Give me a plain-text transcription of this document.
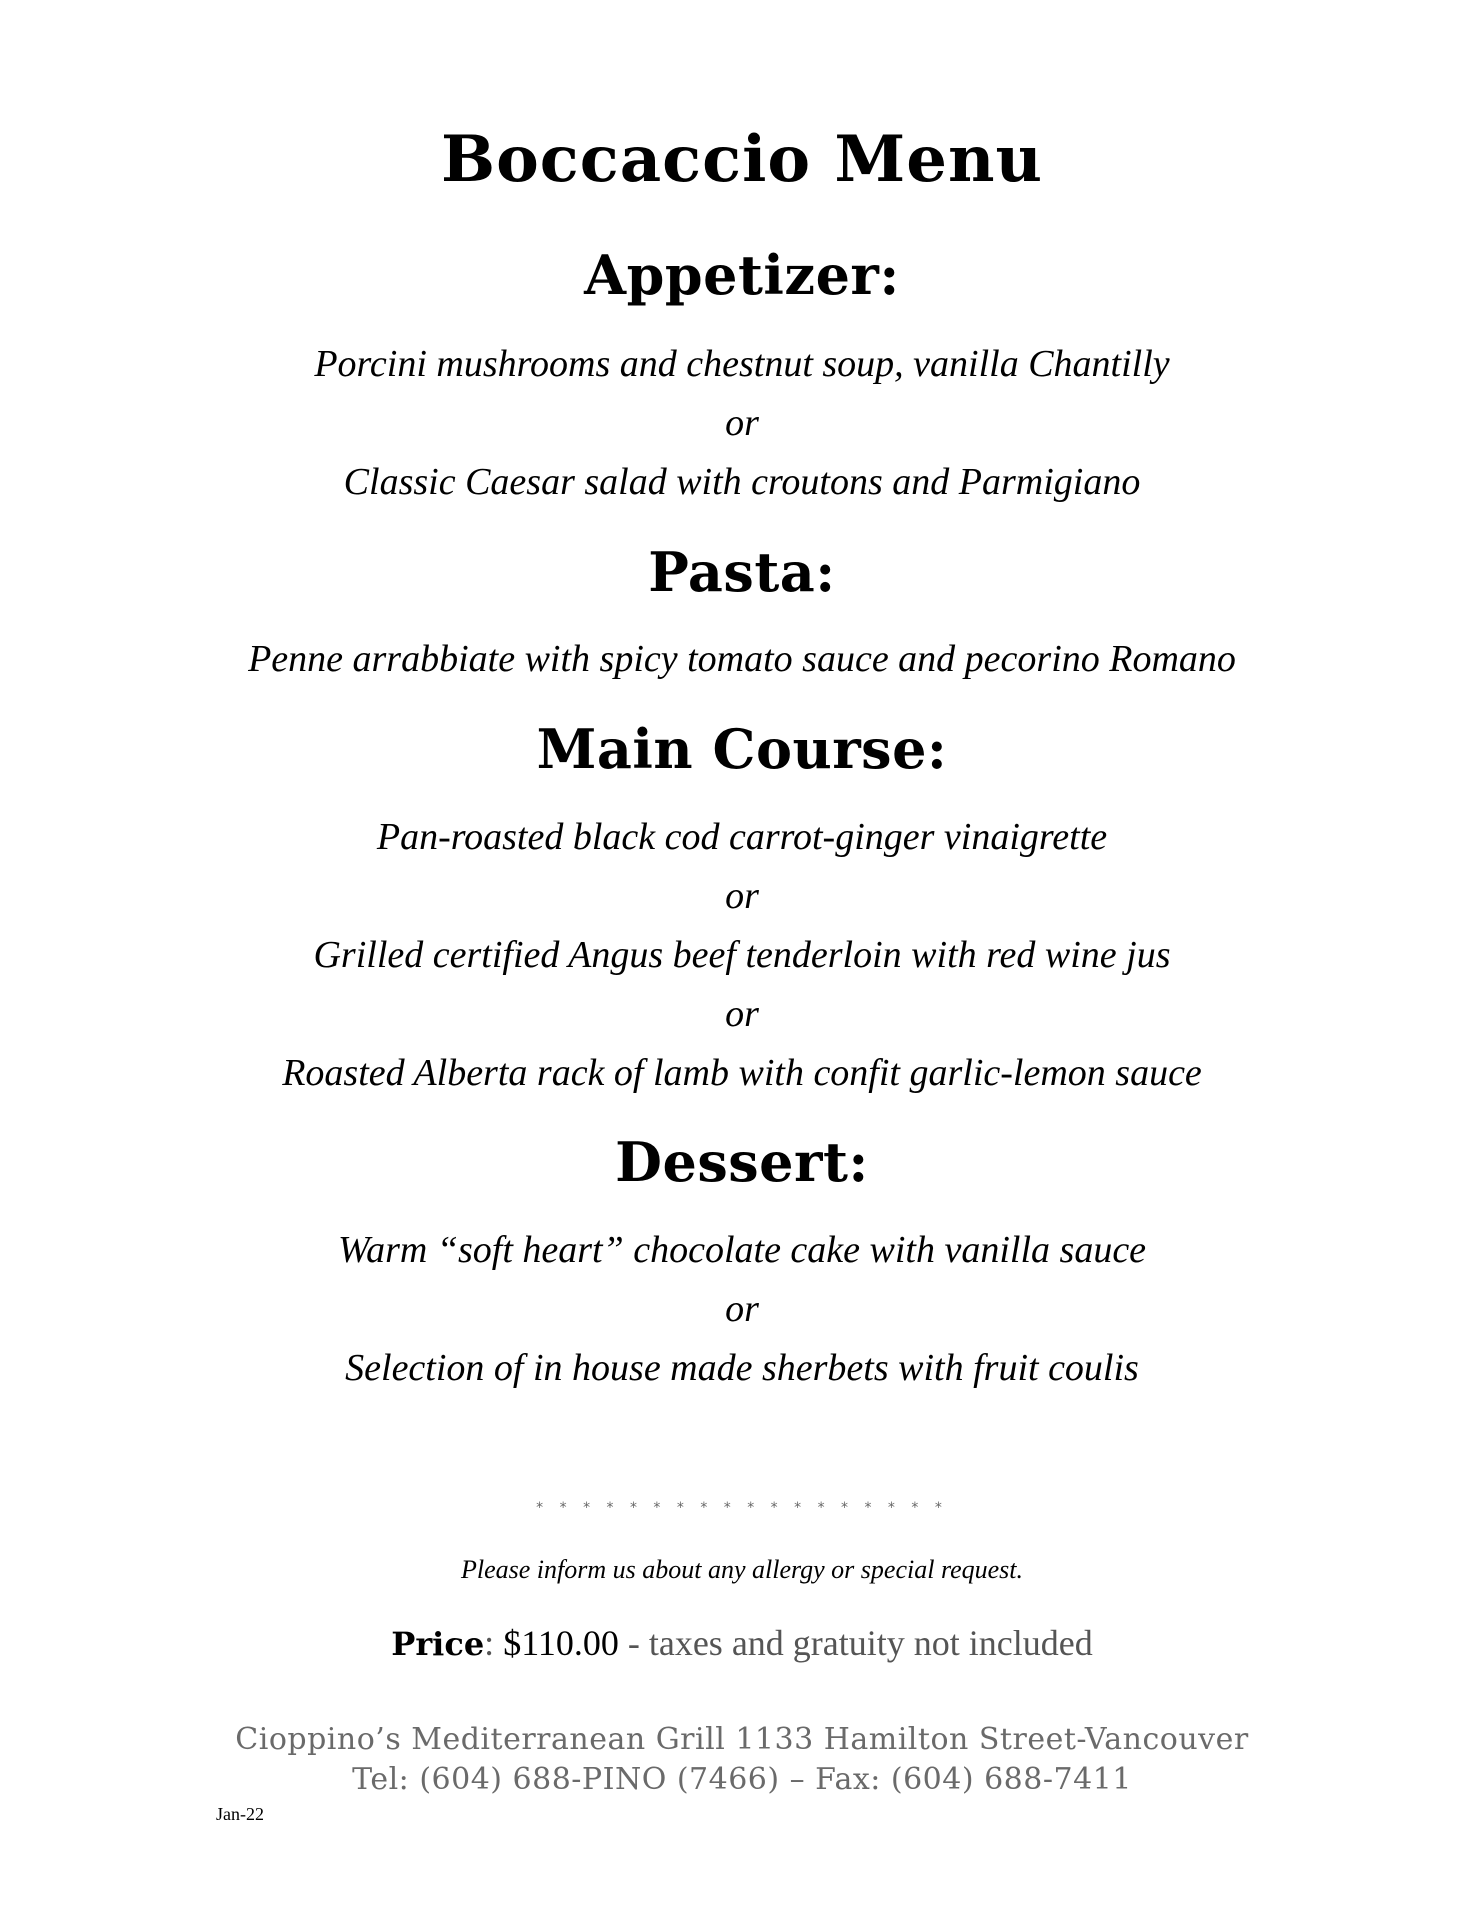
Boccaccio Menu
Appetizer:
Porcini mushrooms and chestnut soup, vanilla Chantilly
or
Classic Caesar salad with croutons and Parmigiano
Pasta:
Penne arrabbiate with spicy tomato sauce and pecorino Romano
Main Course:
Pan-roasted black cod carrot-ginger vinaigrette
or
Grilled certified Angus beef tenderloin with red wine jus
or
Roasted Alberta rack of lamb with confit garlic-lemon sauce
Dessert:
Warm “soft heart” chocolate cake with vanilla sauce
or
Selection of in house made sherbets with fruit coulis
* * * * * * * * * * * * * * * * * *
Please inform us about any allergy or special request.
Price: $110.00 - taxes and gratuity not included
Cioppino’s Mediterranean Grill 1133 Hamilton Street-Vancouver
Tel: (604) 688-PINO (7466) – Fax: (604) 688-7411
Jan-22
